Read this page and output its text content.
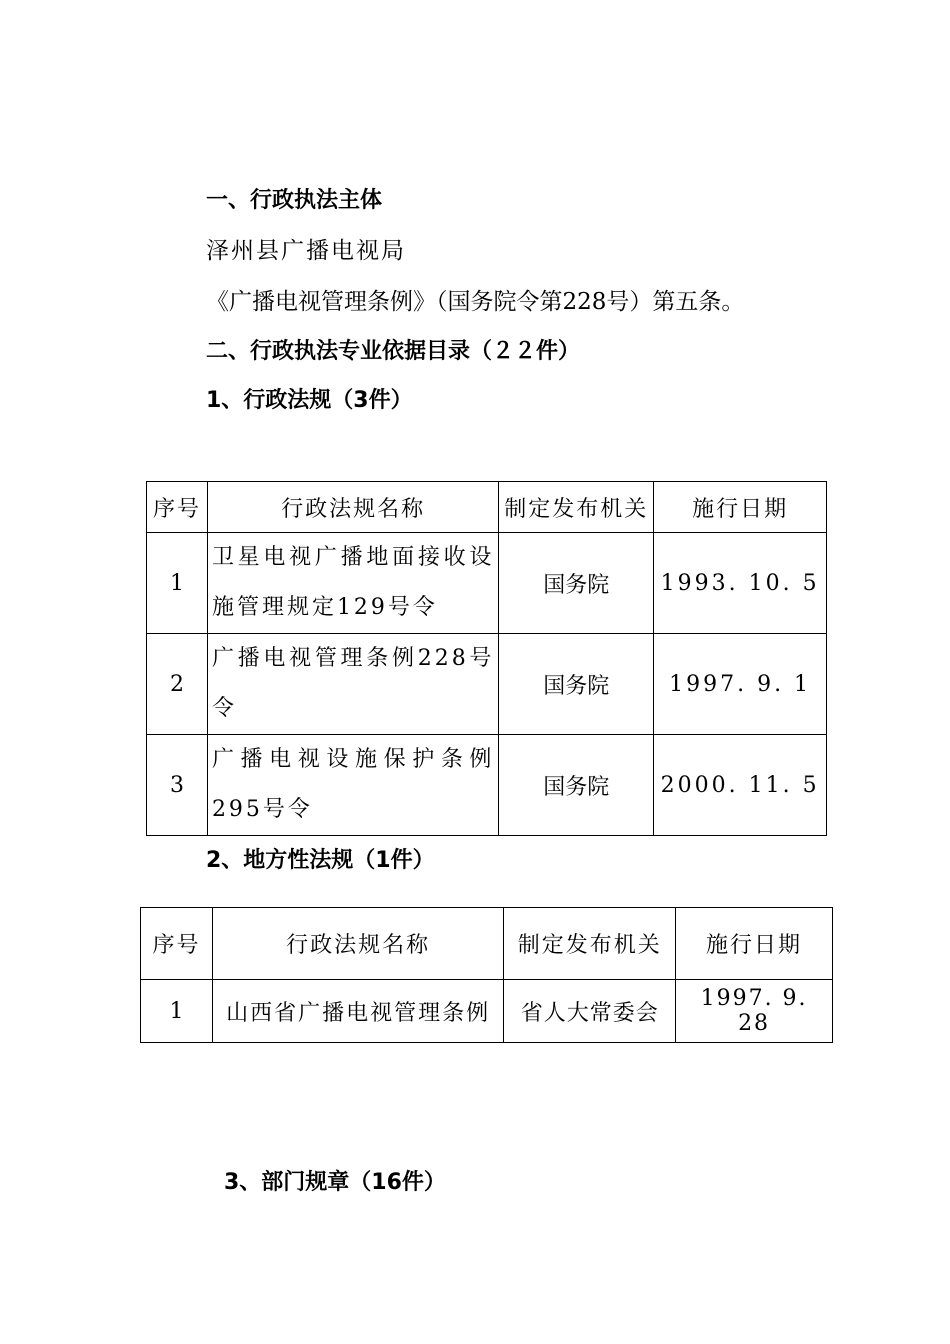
一、行政执法主体
泽州县广播电视局
《广播电视管理条例》（国务院令第228号）第五条。
二、行政执法专业依据目录（２２件）
1、行政法规（3件）
序号	行政法规名称	制定发布机关	施行日期
1	卫星电视广播地面接收设施管理规定129号令	国务院	1993. 10. 5
2	广播电视管理条例228号令	国务院	1997. 9. 1
3	广播电视设施保护条例295号令	国务院	2000. 11. 5
2、地方性法规（1件）
序号	行政法规名称	制定发布机关	施行日期
1	山西省广播电视管理条例	省人大常委会	1997. 9. 28
3、部门规章（16件）
